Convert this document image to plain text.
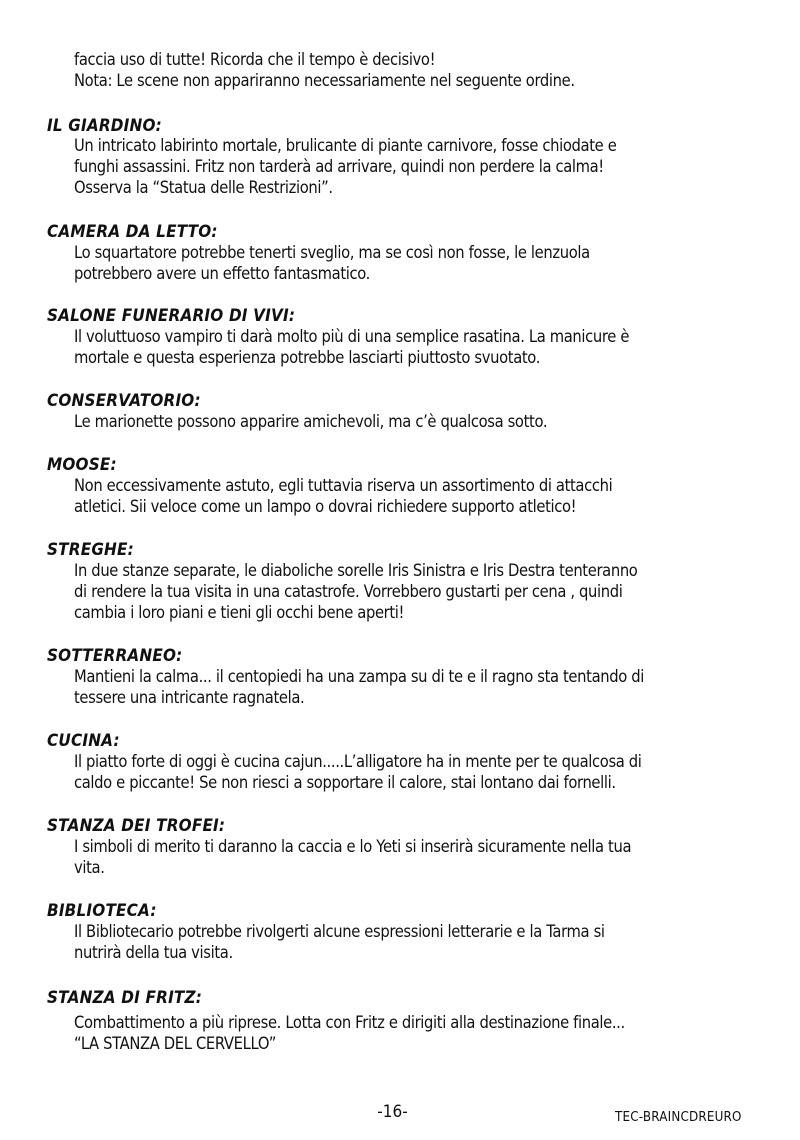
faccia uso di tutte! Ricorda che il tempo è decisivo!
Nota: Le scene non appariranno necessariamente nel seguente ordine.
IL GIARDINO:
Un intricato labirinto mortale, brulicante di piante carnivore, fosse chiodate e
funghi assassini. Fritz non tarderà ad arrivare, quindi non perdere la calma!
Osserva la “Statua delle Restrizioni”.
CAMERA DA LETTO:
Lo squartatore potrebbe tenerti sveglio, ma se così non fosse, le lenzuola
potrebbero avere un effetto fantasmatico.
SALONE FUNERARIO DI VIVI:
Il voluttuoso vampiro ti darà molto più di una semplice rasatina. La manicure è
mortale e questa esperienza potrebbe lasciarti piuttosto svuotato.
CONSERVATORIO:
Le marionette possono apparire amichevoli, ma c’è qualcosa sotto.
MOOSE:
Non eccessivamente astuto, egli tuttavia riserva un assortimento di attacchi
atletici. Sii veloce come un lampo o dovrai richiedere supporto atletico!
STREGHE:
In due stanze separate, le diaboliche sorelle Iris Sinistra e Iris Destra tenteranno
di rendere la tua visita in una catastrofe. Vorrebbero gustarti per cena , quindi
cambia i loro piani e tieni gli occhi bene aperti!
SOTTERRANEO:
Mantieni la calma... il centopiedi ha una zampa su di te e il ragno sta tentando di
tessere una intricante ragnatela.
CUCINA:
Il piatto forte di oggi è cucina cajun.....L’alligatore ha in mente per te qualcosa di
caldo e piccante! Se non riesci a sopportare il calore, stai lontano dai fornelli.
STANZA DEI TROFEI:
I simboli di merito ti daranno la caccia e lo Yeti si inserirà sicuramente nella tua
vita.
BIBLIOTECA:
Il Bibliotecario potrebbe rivolgerti alcune espressioni letterarie e la Tarma si
nutrirà della tua visita.
STANZA DI FRITZ:
Combattimento a più riprese. Lotta con Fritz e dirigiti alla destinazione finale...
“LA STANZA DEL CERVELLO”
-16-	TEC-BRAINCDREURO
